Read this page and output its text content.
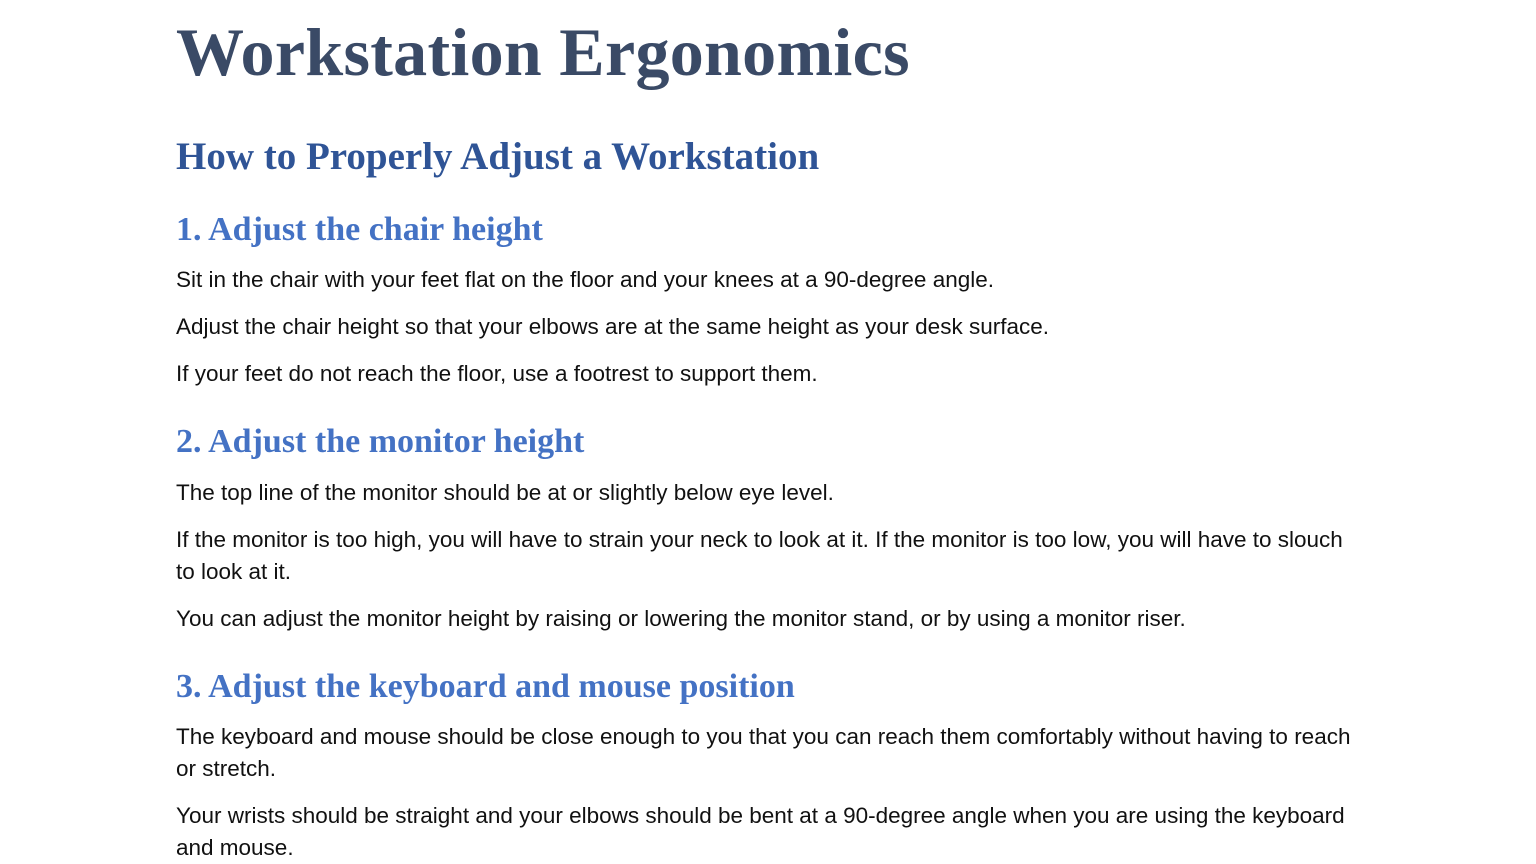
Workstation Ergonomics
How to Properly Adjust a Workstation
1. Adjust the chair height

Sit in the chair with your feet flat on the floor and your knees at a 90-degree angle.

Adjust the chair height so that your elbows are at the same height as your desk surface.

If your feet do not reach the floor, use a footrest to support them.

2. Adjust the monitor height

The top line of the monitor should be at or slightly below eye level.

If the monitor is too high, you will have to strain your neck to look at it. If the monitor is too low, you will have to slouch to look at it.

You can adjust the monitor height by raising or lowering the monitor stand, or by using a monitor riser.

3. Adjust the keyboard and mouse position

The keyboard and mouse should be close enough to you that you can reach them comfortably without having to reach or stretch.

Your wrists should be straight and your elbows should be bent at a 90-degree angle when you are using the keyboard and mouse.
